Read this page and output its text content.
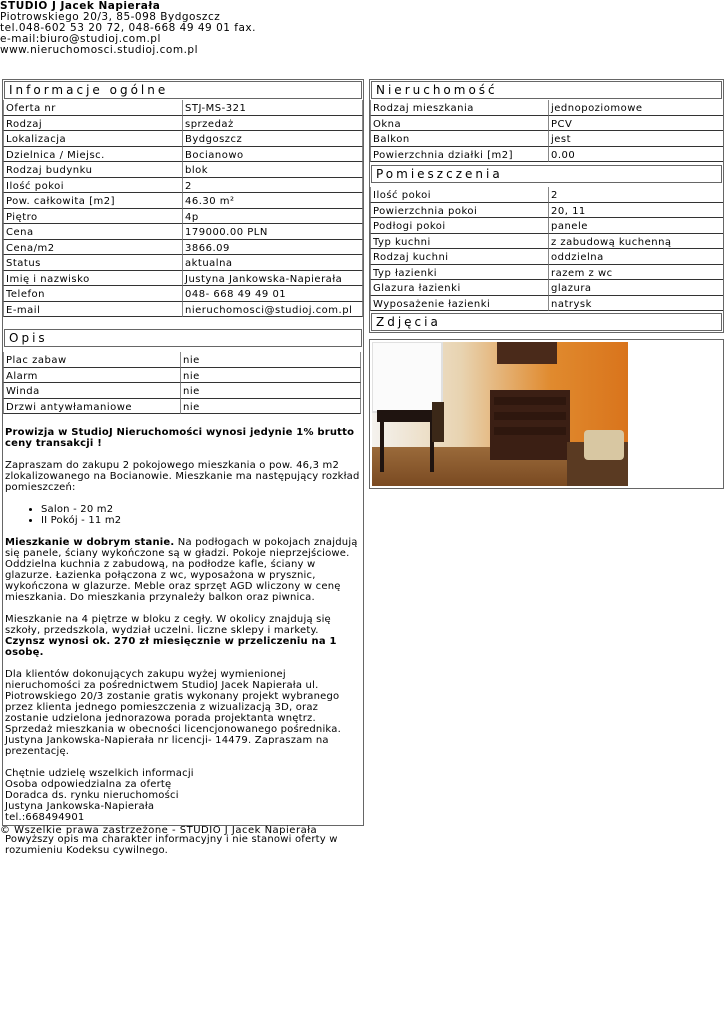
STUDIO J Jacek Napierała
Piotrowskiego 20/3, 85-098 Bydgoszcz
tel.048-602 53 20 72, 048-668 49 49 01 fax.
e-mail:biuro@studioj.com.pl
www.nieruchomosci.studioj.com.pl
Informacje ogólne
Oferta nr	STJ-MS-321
Rodzaj	sprzedaż
Lokalizacja	Bydgoszcz
Dzielnica / Miejsc.	Bocianowo
Rodzaj budynku	blok
Ilość pokoi	2
Pow. całkowita [m2]	46.30 m²
Piętro	4p
Cena	179000.00 PLN
Cena/m2	3866.09
Status	aktualna
Imię i nazwisko	Justyna Jankowska-Napierała
Telefon	048- 668 49 49 01
E-mail	nieruchomosci@studioj.com.pl
Opis
Plac zabaw	nie
Alarm	nie
Winda	nie
Drzwi antywłamaniowe	nie

Prowizja w StudioJ Nieruchomości wynosi jedynie 1% brutto ceny transakcji !

Zapraszam do zakupu 2 pokojowego mieszkania o pow. 46,3 m2 zlokalizowanego na Bocianowie. Mieszkanie ma następujący rozkład pomieszczeń:

• Salon - 20 m2
• II Pokój - 11 m2

Mieszkanie w dobrym stanie. Na podłogach w pokojach znajdują się panele, ściany wykończone są w gładzi. Pokoje nieprzejściowe. Oddzielna kuchnia z zabudową, na podłodze kafle, ściany w glazurze. Łazienka połączona z wc, wyposażona w prysznic, wykończona w glazurze. Meble oraz sprzęt AGD wliczony w cenę mieszkania. Do mieszkania przynależy balkon oraz piwnica.

Mieszkanie na 4 piętrze w bloku z cegły. W okolicy znajdują się szkoły, przedszkola, wydział uczelni. liczne sklepy i markety.

Czynsz wynosi ok. 270 zł miesięcznie w przeliczeniu na 1 osobę.

Dla klientów dokonujących zakupu wyżej wymienionej nieruchomości za pośrednictwem StudioJ Jacek Napierała ul. Piotrowskiego 20/3 zostanie gratis wykonany projekt wybranego przez klienta jednego pomieszczenia z wizualizacją 3D, oraz zostanie udzielona jednorazowa porada projektanta wnętrz. Sprzedaż mieszkania w obecności licencjonowanego pośrednika. Justyna Jankowska-Napierała nr licencji- 14479. Zapraszam na prezentację.

Chętnie udzielę wszelkich informacji

Osoba odpowiedzialna za ofertę

Doradca ds. rynku nieruchomości

Justyna Jankowska-Napierała

tel.:668494901

Powyższy opis ma charakter informacyjny i nie stanowi oferty w rozumieniu Kodeksu cywilnego.

Nieruchomość
Rodzaj mieszkania	jednopoziomowe
Okna	PCV
Balkon	jest
Powierzchnia działki [m2]	0.00
Pomieszczenia
Ilość pokoi	2
Powierzchnia pokoi	20, 11
Podłogi pokoi	panele
Typ kuchni	z zabudową kuchenną
Rodzaj kuchni	oddzielna
Typ łazienki	razem z wc
Glazura łazienki	glazura
Wyposażenie łazienki	natrysk
Zdjęcia
© Wszelkie prawa zastrzeżone - STUDIO J Jacek Napierała
